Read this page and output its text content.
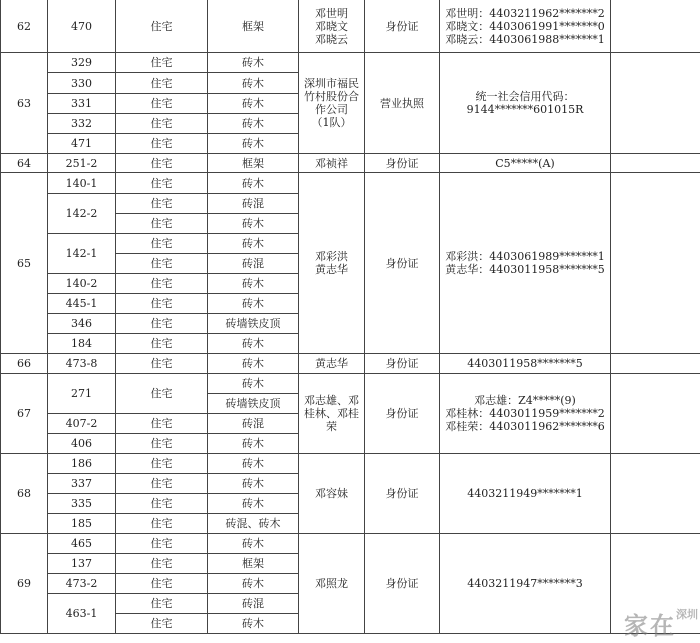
62	470	住宅	框架	邓世明
邓晓文
邓晓云	身份证	邓世明：4403211962*******2
邓晓文：4403061991*******0
邓晓云：4403061988*******1	
63	329	住宅	砖木	深圳市福民
竹村股份合
作公司
（1队）	营业执照	统一社会信用代码：
9144*******601015R	
	330	住宅	砖木				
	331	住宅	砖木				
	332	住宅	砖木				
	471	住宅	砖木				
64	251-2	住宅	框架	邓祯祥	身份证	C5*****(A)	
65	140-1	住宅	砖木	邓彩洪
黄志华	身份证	邓彩洪：4403061989*******1
黄志华：4403011958*******5	
	142-2	住宅	砖混				
		住宅	砖木				
	142-1	住宅	砖木				
		住宅	砖混				
	140-2	住宅	砖木				
	445-1	住宅	砖木				
	346	住宅	砖墙铁皮顶				
	184	住宅	砖木				
66	473-8	住宅	砖木	黄志华	身份证	4403011958*******5	
67	271	住宅	砖木	邓志雄、邓
桂林、邓桂
荣	身份证	邓志雄：Z4*****(9)
邓桂林：4403011959*******2
邓桂荣：4403011962*******6	
			砖墙铁皮顶				
	407-2	住宅	砖混				
	406	住宅	砖木				
68	186	住宅	砖木	邓容妹	身份证	4403211949*******1	
	337	住宅	砖木				
	335	住宅	砖木				
	185	住宅	砖混、砖木				
69	465	住宅	砖木	邓照龙	身份证	4403211947*******3	
	137	住宅	框架				
	473-2	住宅	砖木				
	463-1	住宅	砖混				
		住宅	砖木					家在$^{深圳}$
